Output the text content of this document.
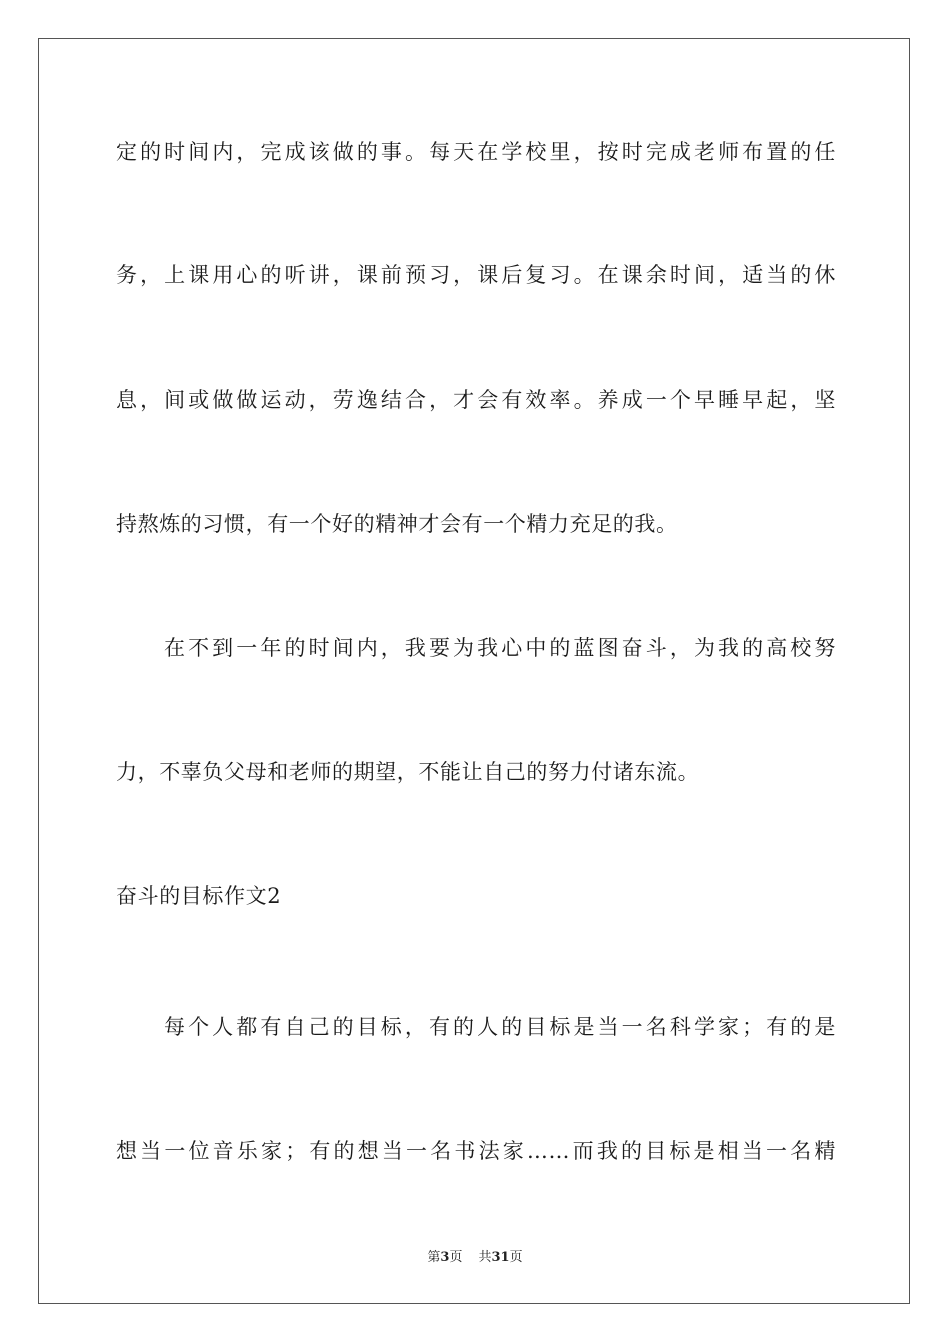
定的时间内，完成该做的事。每天在学校里，按时完成老师布置的任
务，上课用心的听讲，课前预习，课后复习。在课余时间，适当的休
息，间或做做运动，劳逸结合，才会有效率。养成一个早睡早起，坚
持熬炼的习惯，有一个好的精神才会有一个精力充足的我。
在不到一年的时间内，我要为我心中的蓝图奋斗，为我的高校努
力，不辜负父母和老师的期望，不能让自己的努力付诸东流。
奋斗的目标作文2
每个人都有自己的目标，有的人的目标是当一名科学家；有的是
想当一位音乐家；有的想当一名书法家……而我的目标是相当一名精
第3页 共31页
